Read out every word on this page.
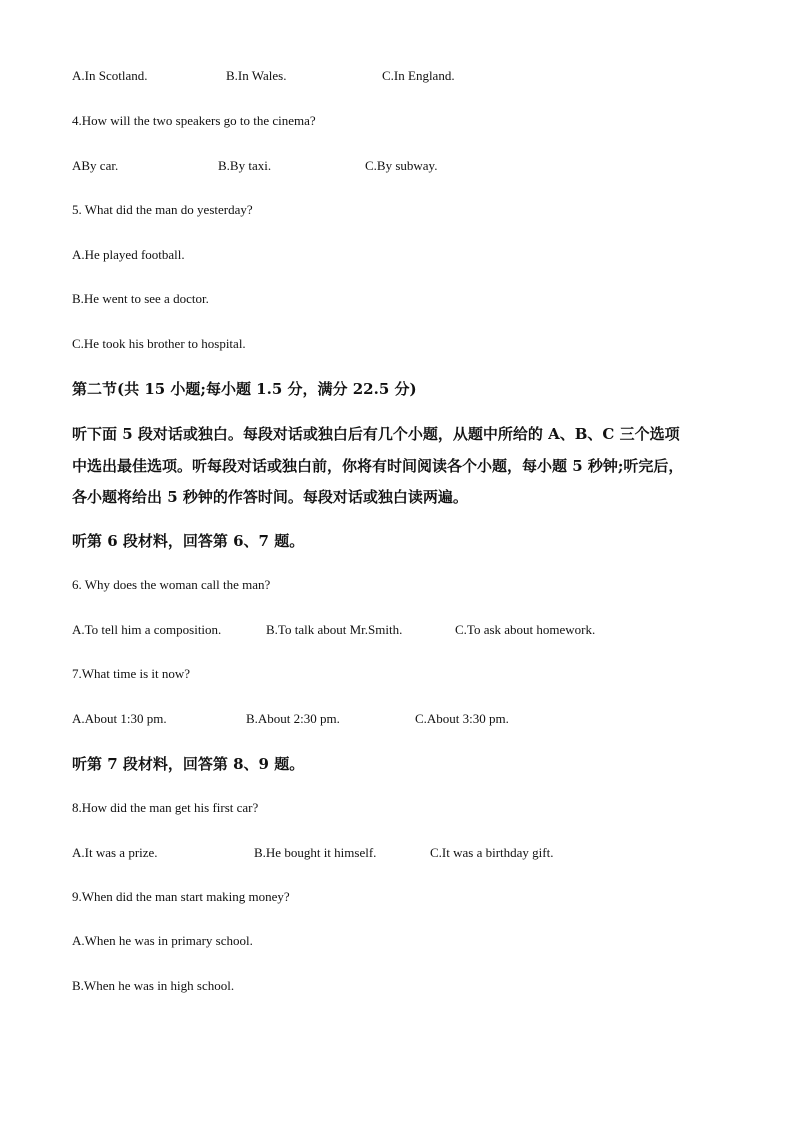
A.In Scotland.	B.In Wales.	C.In England.
4.How will the two speakers go to the cinema?
ABy car.	B.By taxi.	C.By subway.
5. What did the man do yesterday?
A.He played football.
B.He went to see a doctor.
C.He took his brother to hospital.
第二节(共 15 小题;每小题 1.5 分，满分 22.5 分)
听下面 5 段对话或独白。每段对话或独白后有几个小题，从题中所给的 A、B、C 三个选项
中选出最佳选项。听每段对话或独白前，你将有时间阅读各个小题，每小题 5 秒钟;听完后，
各小题将给出 5 秒钟的作答时间。每段对话或独白读两遍。
听第 6 段材料，回答第 6、7 题。
6. Why does the woman call the man?
A.To tell him a composition.	B.To talk about Mr.Smith.	C.To ask about homework.
7.What time is it now?
A.About 1:30 pm.	B.About 2:30 pm.	C.About 3:30 pm.
听第 7 段材料，回答第 8、9 题。
8.How did the man get his first car?
A.It was a prize.	B.He bought it himself.	C.It was a birthday gift.
9.When did the man start making money?
A.When he was in primary school.
B.When he was in high school.
